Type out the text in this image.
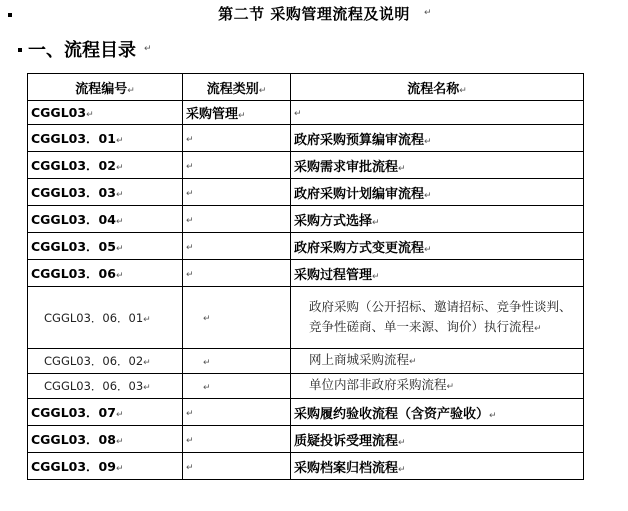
第二节 采购管理流程及说明	↵
一、流程目录 ↵
流程编号↵	流程类别↵	流程名称↵
CGGL03↵	采购管理↵	↵
CGGL03．01↵	↵	政府采购预算编审流程↵
CGGL03．02↵	↵	采购需求审批流程↵
CGGL03．03↵	↵	政府采购计划编审流程↵
CGGL03．04↵	↵	采购方式选择↵
CGGL03．05↵	↵	政府采购方式变更流程↵
CGGL03．06↵	↵	采购过程管理↵
CGGL03．06．01↵	↵	政府采购（公开招标、邀请招标、竞争性谈判、竞争性磋商、单一来源、询价）执行流程↵
CGGL03．06．02↵	↵	网上商城采购流程↵
CGGL03．06．03↵	↵	单位内部非政府采购流程↵
CGGL03．07↵	↵	采购履约验收流程（含资产验收）↵
CGGL03．08↵	↵	质疑投诉受理流程↵
CGGL03．09↵	↵	采购档案归档流程↵
